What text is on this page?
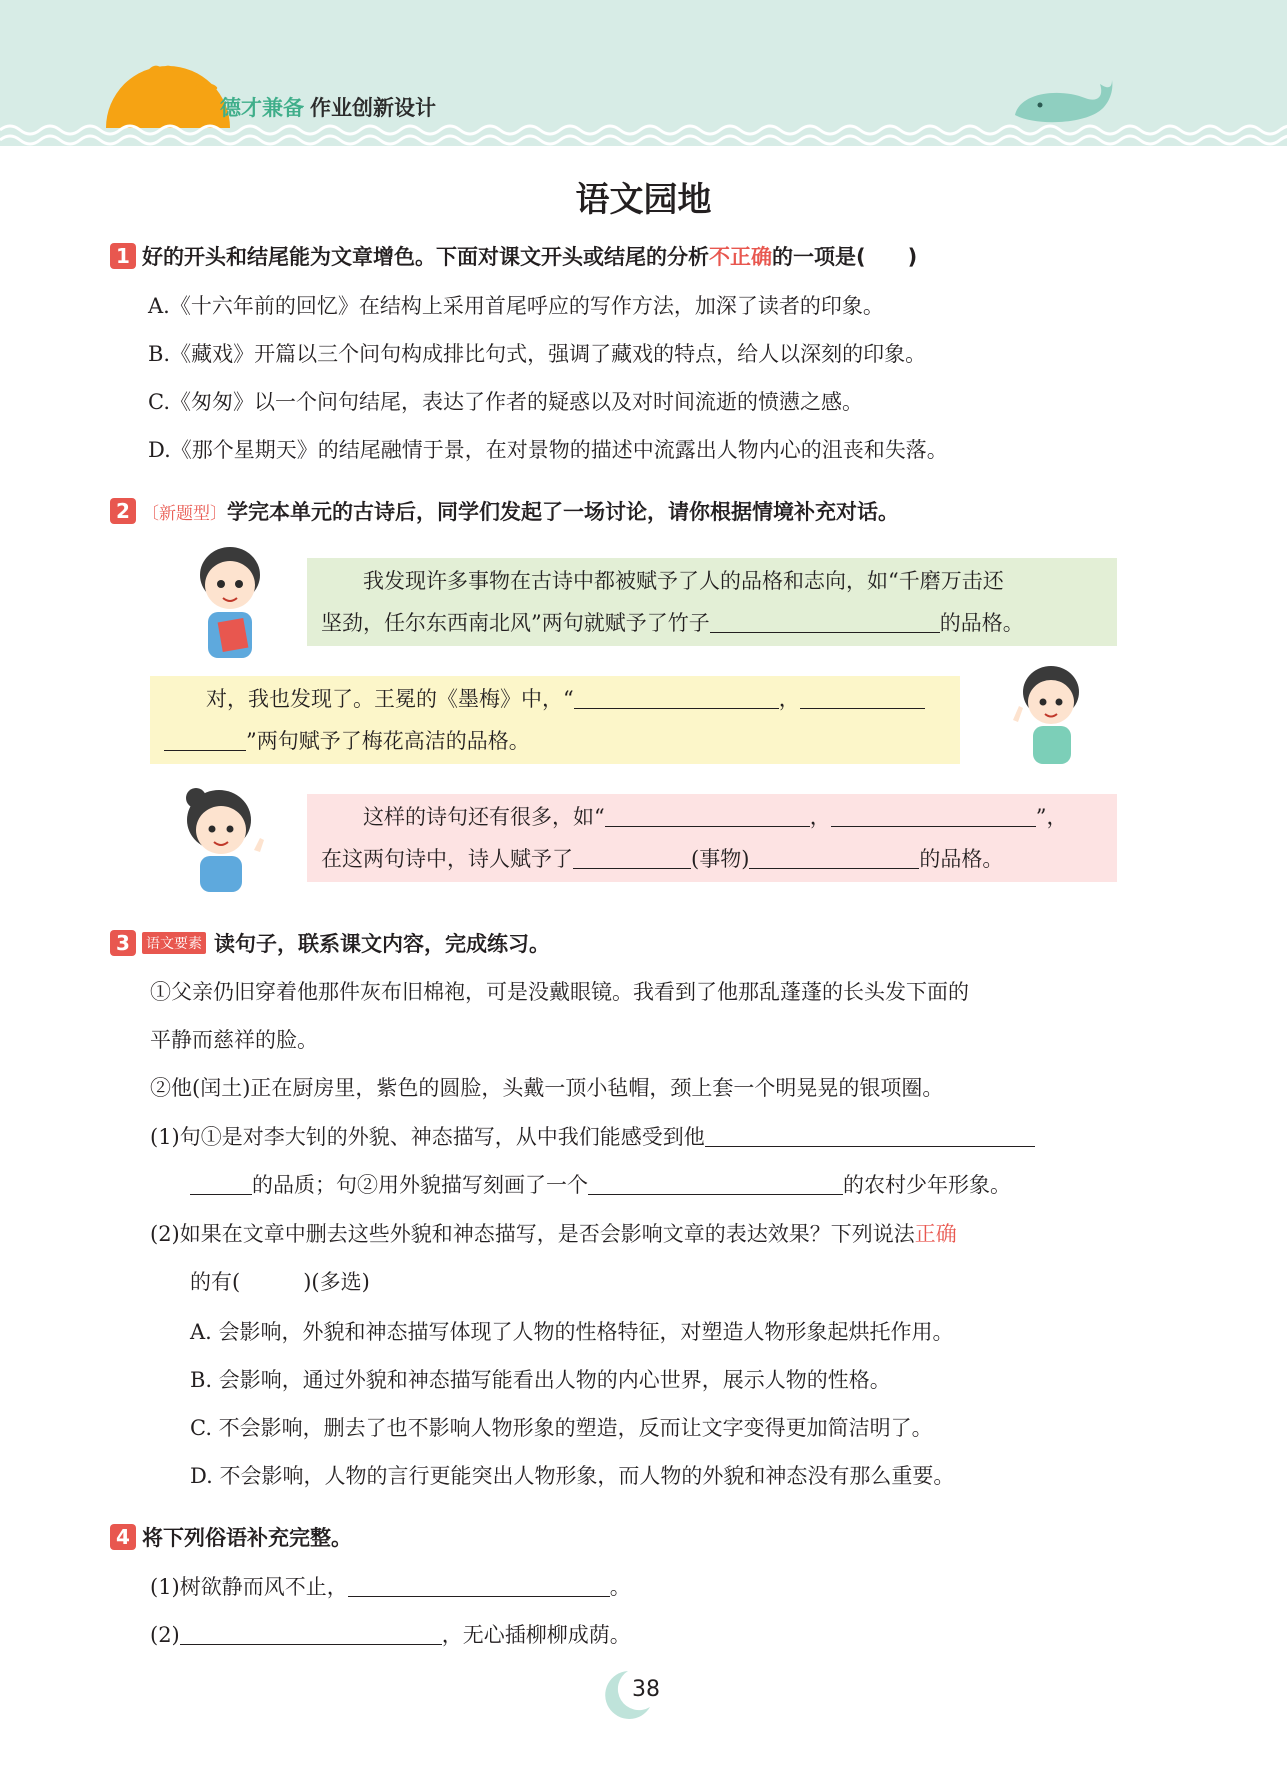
德才兼备 作业创新设计
语文园地
1 好的开头和结尾能为文章增色。下面对课文开头或结尾的分析不正确的一项是(　　)
A.《十六年前的回忆》在结构上采用首尾呼应的写作方法，加深了读者的印象。
B.《藏戏》开篇以三个问句构成排比句式，强调了藏戏的特点，给人以深刻的印象。
C.《匆匆》以一个问句结尾，表达了作者的疑惑以及对时间流逝的愤懑之感。
D.《那个星期天》的结尾融情于景，在对景物的描述中流露出人物内心的沮丧和失落。
2 〔新题型〕学完本单元的古诗后，同学们发起了一场讨论，请你根据情境补充对话。
我发现许多事物在古诗中都被赋予了人的品格和志向，如“千磨万击还
坚劲，任尔东西南北风”两句就赋予了竹子	的品格。
对，我也发现了。王冕的《墨梅》中，“	，
”两句赋予了梅花高洁的品格。
这样的诗句还有很多，如“	，	”，
在这两句诗中，诗人赋予了	(事物)	的品格。
3 语文要素 读句子，联系课文内容，完成练习。
①父亲仍旧穿着他那件灰布旧棉袍，可是没戴眼镜。我看到了他那乱蓬蓬的长头发下面的
平静而慈祥的脸。
②他(闰土)正在厨房里，紫色的圆脸，头戴一顶小毡帽，颈上套一个明晃晃的银项圈。
(1)句①是对李大钊的外貌、神态描写，从中我们能感受到他
的品质；句②用外貌描写刻画了一个	的农村少年形象。
(2)如果在文章中删去这些外貌和神态描写，是否会影响文章的表达效果？下列说法正确
的有(　　　)(多选)
A. 会影响，外貌和神态描写体现了人物的性格特征，对塑造人物形象起烘托作用。
B. 会影响，通过外貌和神态描写能看出人物的内心世界，展示人物的性格。
C. 不会影响，删去了也不影响人物形象的塑造，反而让文字变得更加简洁明了。
D. 不会影响，人物的言行更能突出人物形象，而人物的外貌和神态没有那么重要。
4 将下列俗语补充完整。
(1)树欲静而风不止，	。
(2)	，无心插柳柳成荫。
38
